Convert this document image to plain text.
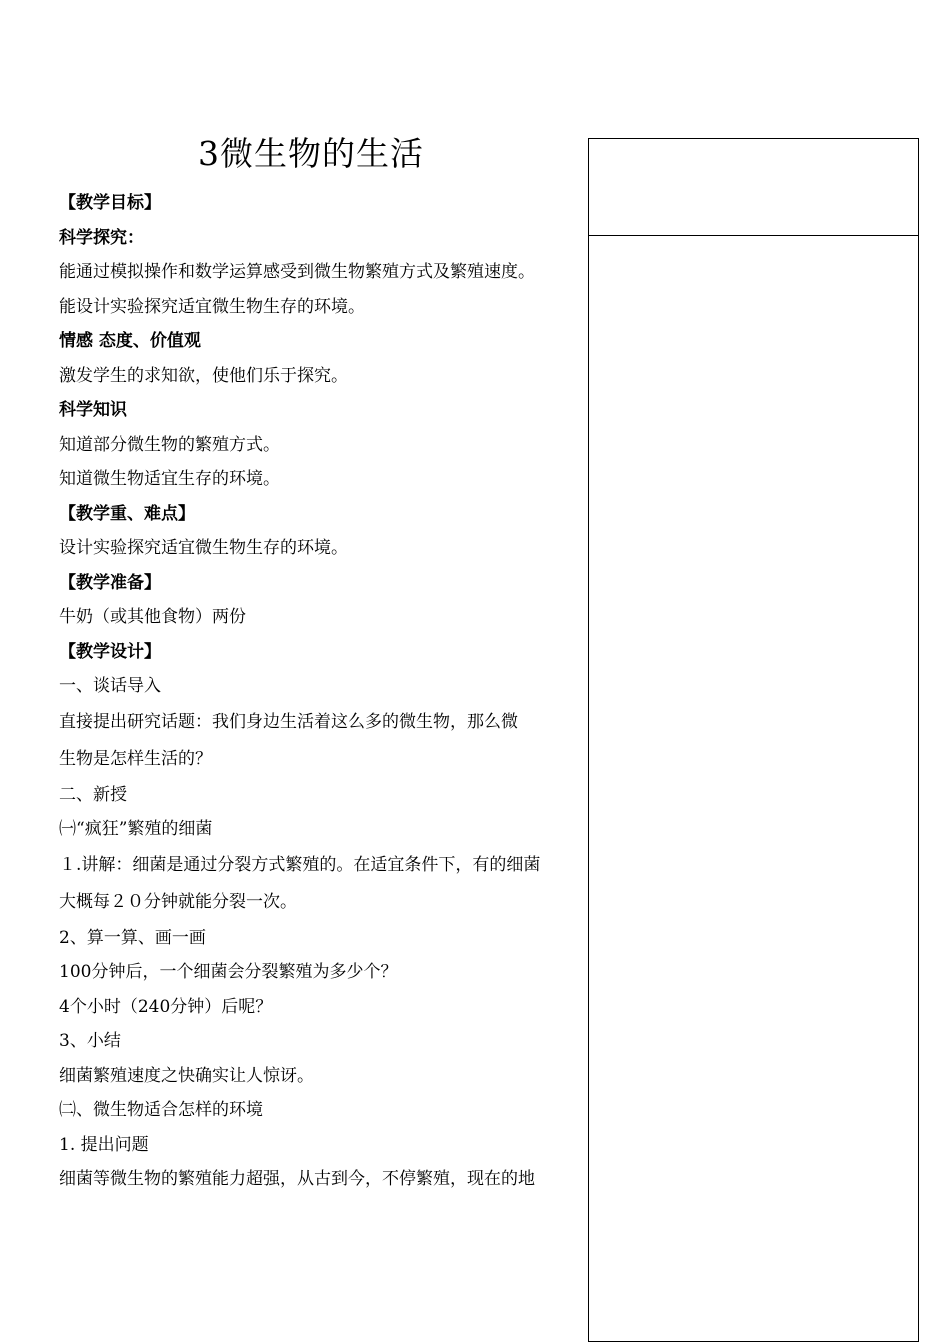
3微生物的生活
【教学目标】
科学探究：
能通过模拟操作和数学运算感受到微生物繁殖方式及繁殖速度。
能设计实验探究适宜微生物生存的环境。
情感 态度、价值观
激发学生的求知欲，使他们乐于探究。
科学知识
知道部分微生物的繁殖方式。
知道微生物适宜生存的环境。
【教学重、难点】
设计实验探究适宜微生物生存的环境。
【教学准备】
牛奶（或其他食物）两份
【教学设计】
一、谈话导入
直接提出研究话题：我们身边生活着这么多的微生物，那么微
生物是怎样生活的？
二、新授
㈠“疯狂”繁殖的细菌
１.讲解：细菌是通过分裂方式繁殖的。在适宜条件下，有的细菌
大概每２０分钟就能分裂一次。
2、算一算、画一画
100分钟后，一个细菌会分裂繁殖为多少个？
4个小时（240分钟）后呢？
3、小结
细菌繁殖速度之快确实让人惊讶。
㈡、微生物适合怎样的环境
1. 提出问题
细菌等微生物的繁殖能力超强，从古到今，不停繁殖，现在的地
